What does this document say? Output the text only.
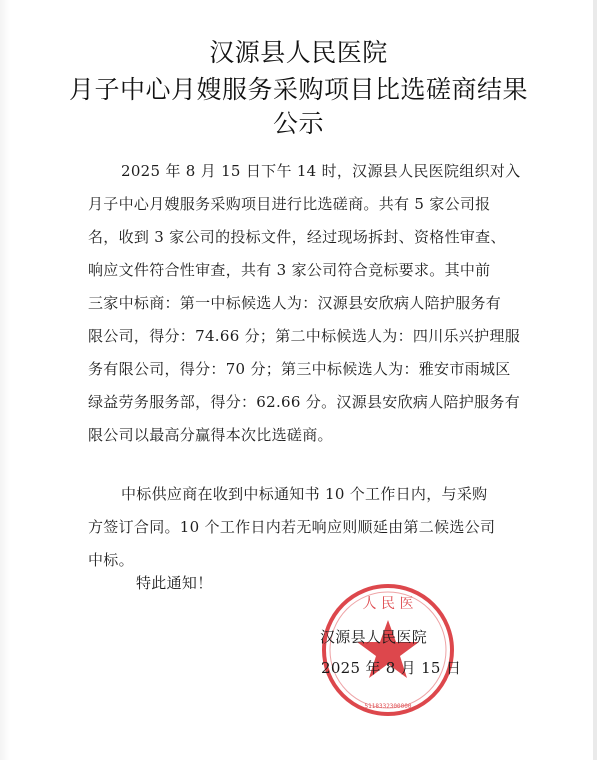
汉源县人民医院
月子中心月嫂服务采购项目比选磋商结果
公示
2025 年 8 月 15 日下午 14 时，汉源县人民医院组织对入
月子中心月嫂服务采购项目进行比选磋商。共有 5 家公司报
名，收到 3 家公司的投标文件，经过现场拆封、资格性审查、
响应文件符合性审查，共有 3 家公司符合竞标要求。其中前
三家中标商：第一中标候选人为：汉源县安欣病人陪护服务有
限公司，得分：74.66 分；第二中标候选人为：四川乐兴护理服
务有限公司，得分：70 分；第三中标候选人为：雅安市雨城区
绿益劳务服务部，得分：62.66 分。汉源县安欣病人陪护服务有
限公司以最高分赢得本次比选磋商。
中标供应商在收到中标通知书 10 个工作日内，与采购
方签订合同。10 个工作日内若无响应则顺延由第二候选公司
中标。
特此通知！
人 民 医
5118332300000
汉源县人民医院
2025 年 8 月 15 日
